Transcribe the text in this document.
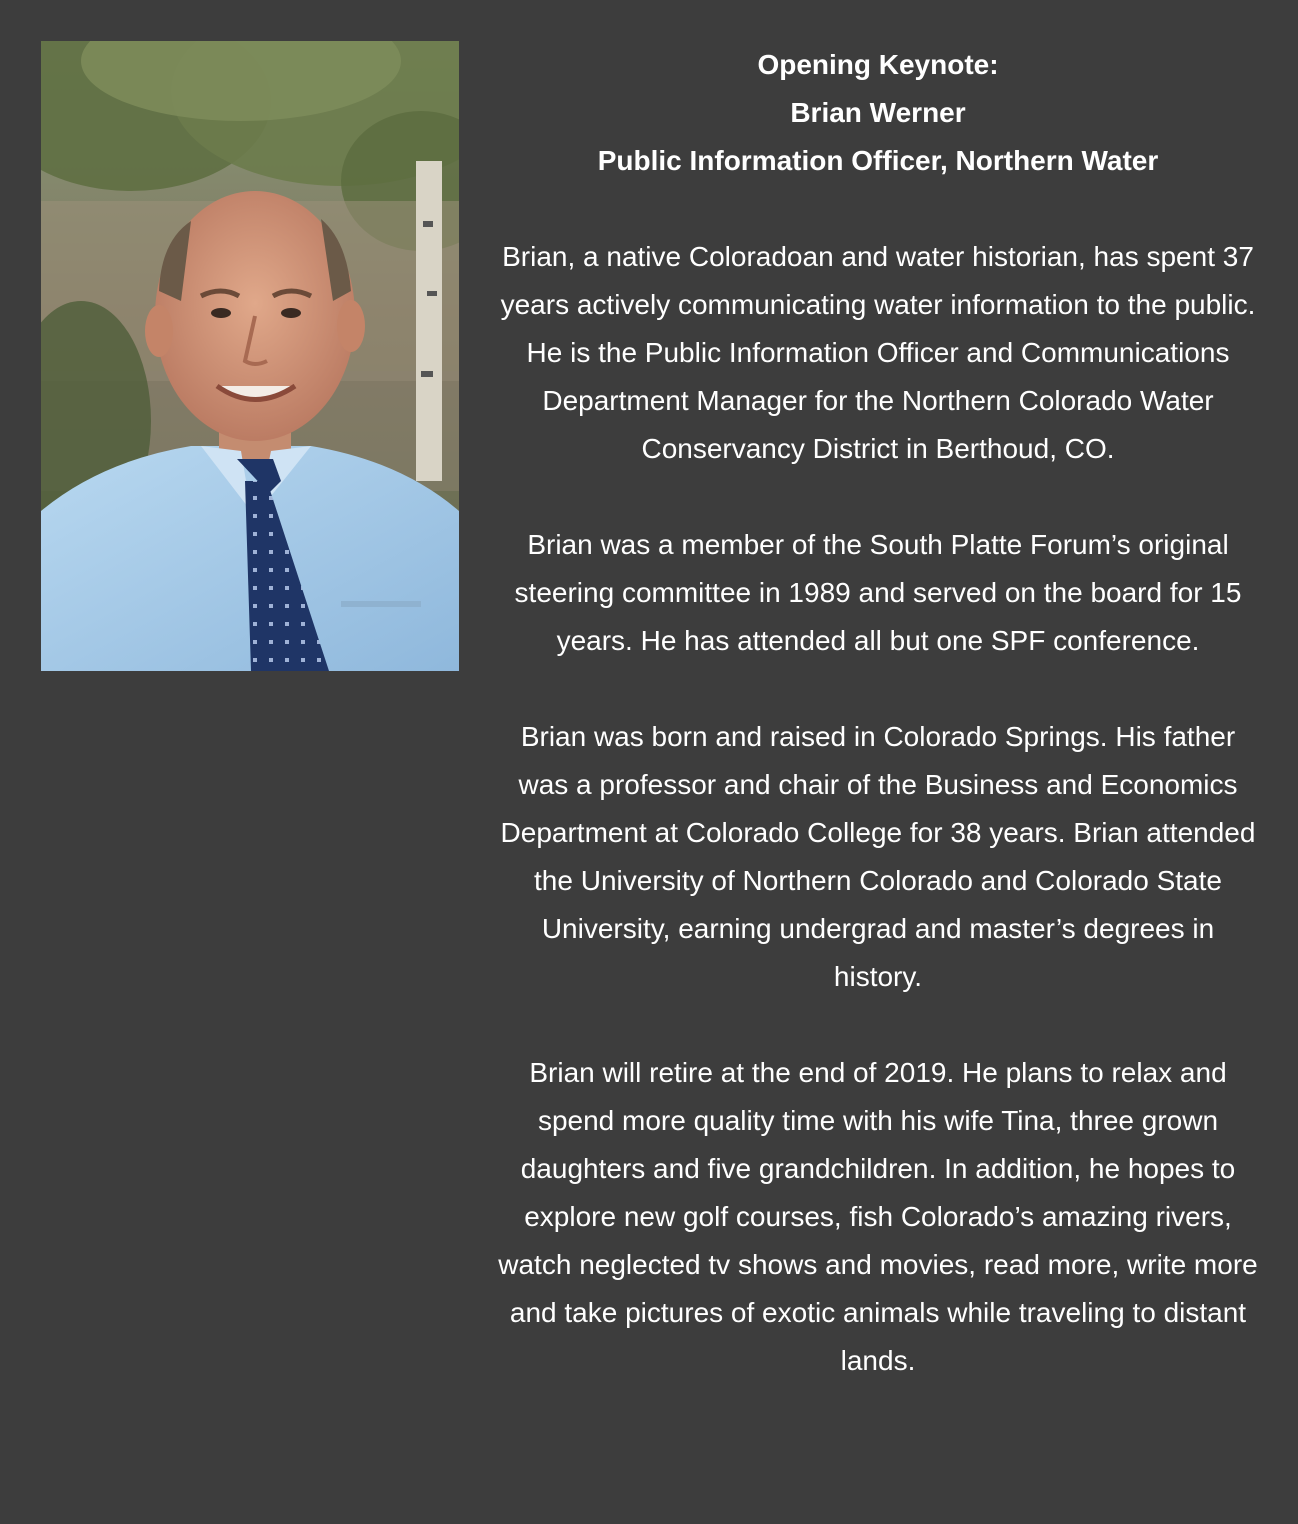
Opening Keynote:

Brian Werner

Public Information Officer, Northern Water

Brian, a native Coloradoan and water historian, has spent 37 years actively communicating water information to the public. He is the Public Information Officer and Communications Department Manager for the Northern Colorado Water Conservancy District in Berthoud, CO.

Brian was a member of the South Platte Forum’s original steering committee in 1989 and served on the board for 15 years. He has attended all but one SPF conference.

Brian was born and raised in Colorado Springs. His father was a professor and chair of the Business and Economics Department at Colorado College for 38 years. Brian attended the University of Northern Colorado and Colorado State University, earning undergrad and master’s degrees in history.

Brian will retire at the end of 2019. He plans to relax and spend more quality time with his wife Tina, three grown daughters and five grandchildren. In addition, he hopes to explore new golf courses, fish Colorado’s amazing rivers, watch neglected tv shows and movies, read more, write more and take pictures of exotic animals while traveling to distant lands.
